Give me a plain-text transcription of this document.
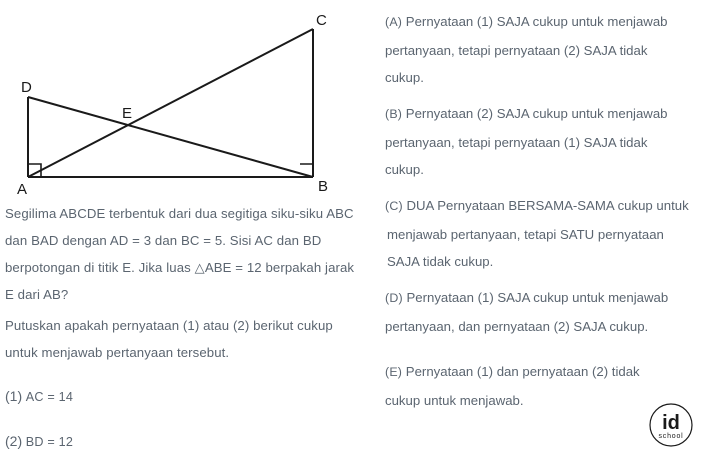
A	B
C
D
E
Segilima ABCDE terbentuk dari dua segitiga siku-siku ABC
dan BAD dengan AD = 3 dan BC = 5. Sisi AC dan BD
berpotongan di titik E. Jika luas △ABE = 12 berpakah jarak
E dari AB?
Putuskan apakah pernyataan (1) atau (2) berikut cukup
untuk menjawab pertanyaan tersebut.
(1) AC = 14
(2) BD = 12
(A) Pernyataan (1) SAJA cukup untuk menjawab
pertanyaan, tetapi pernyataan (2) SAJA tidak
cukup.
(B) Pernyataan (2) SAJA cukup untuk menjawab
pertanyaan, tetapi pernyataan (1) SAJA tidak
cukup.
(C) DUA Pernyataan BERSAMA-SAMA cukup untuk
menjawab pertanyaan, tetapi SATU pernyataan
SAJA tidak cukup.
(D) Pernyataan (1) SAJA cukup untuk menjawab
pertanyaan, dan pernyataan (2) SAJA cukup.
(E) Pernyataan (1) dan pernyataan (2) tidak
cukup untuk menjawab.
id
school
